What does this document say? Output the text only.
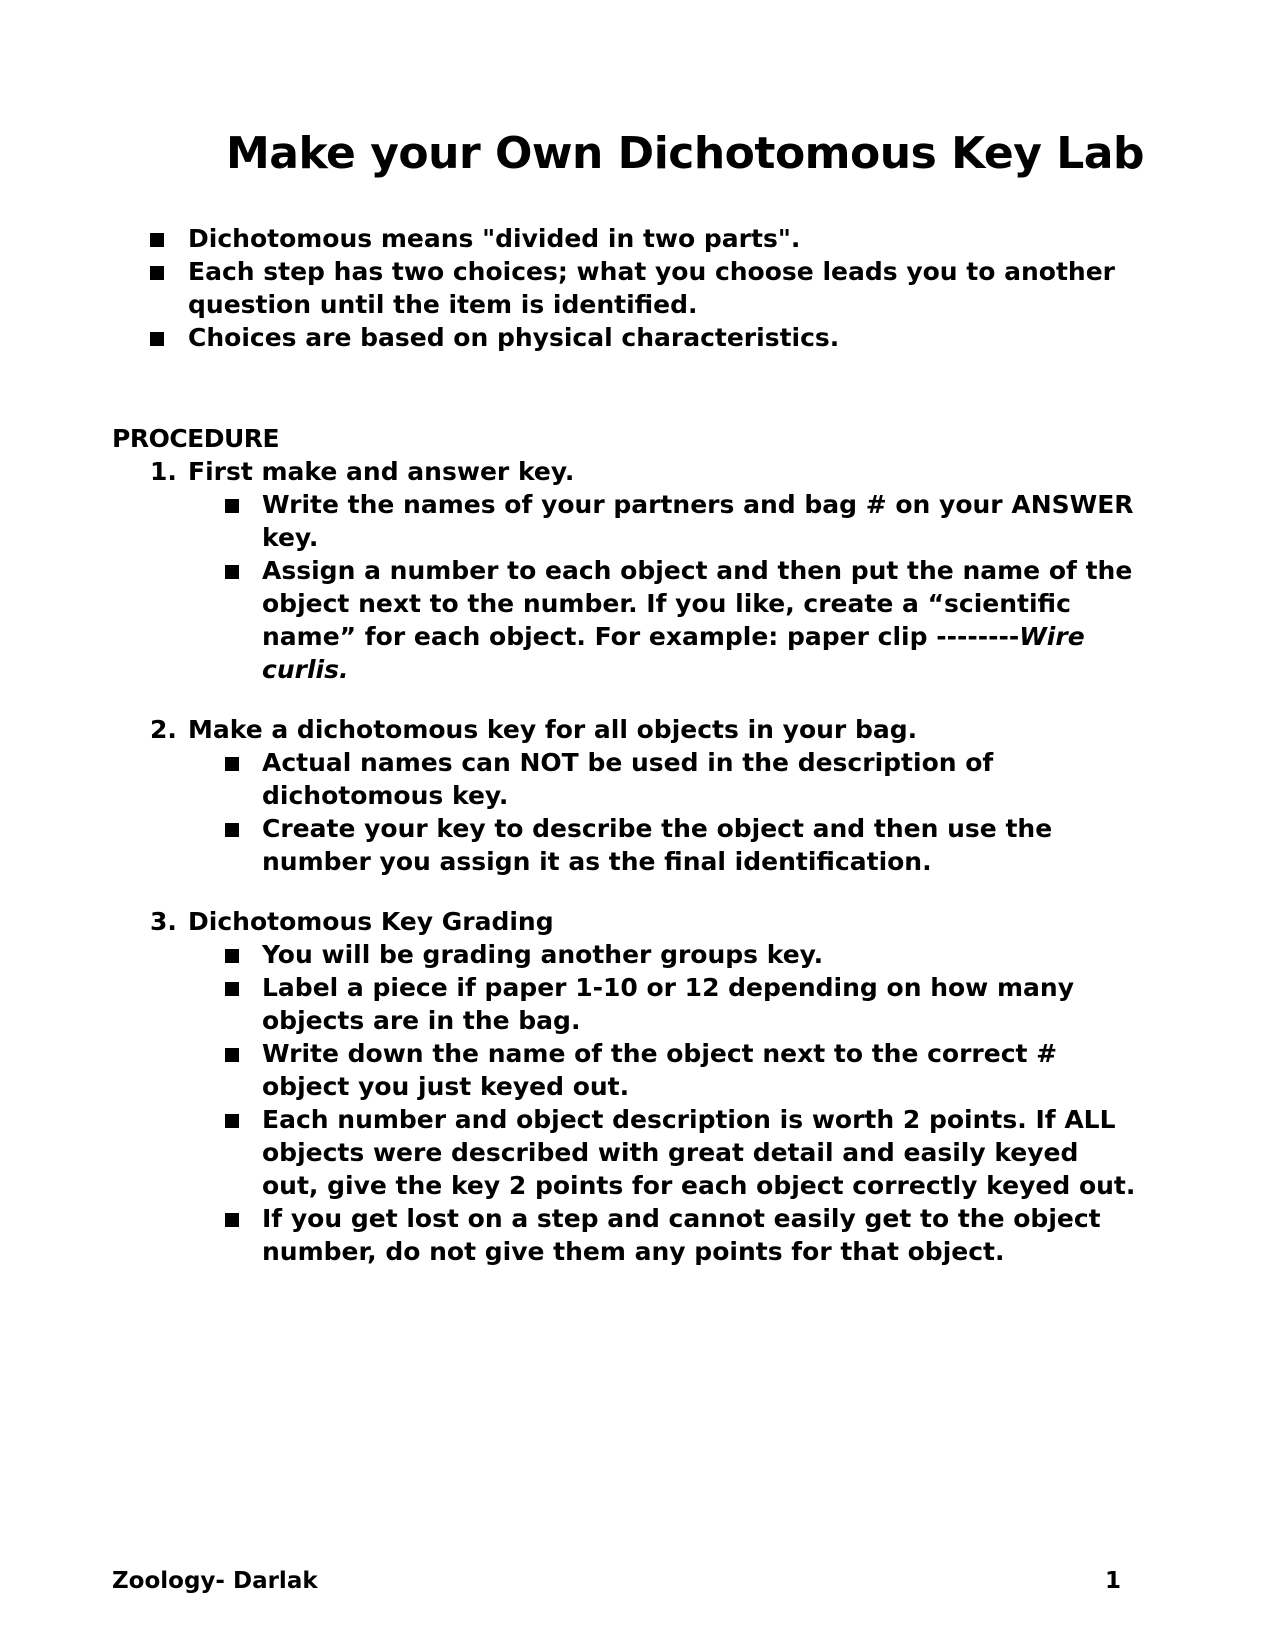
Make your Own Dichotomous Key Lab
Dichotomous means "divided in two parts".
Each step has two choices; what you choose leads you to another question until the item is identified.
Choices are based on physical characteristics.
PROCEDURE
1. First make and answer key.
Write the names of your partners and bag # on your ANSWER key.
Assign a number to each object and then put the name of the object next to the number. If you like, create a “scientific name” for each object. For example: paper clip --------Wire curlis.
2. Make a dichotomous key for all objects in your bag.
Actual names can NOT be used in the description of dichotomous key.
Create your key to describe the object and then use the number you assign it as the final identification.
3. Dichotomous Key Grading
You will be grading another groups key.
Label a piece if paper 1-10 or 12 depending on how many objects are in the bag.
Write down the name of the object next to the correct # object you just keyed out.
Each number and object description is worth 2 points. If ALL objects were described with great detail and easily keyed out, give the key 2 points for each object correctly keyed out.
If you get lost on a step and cannot easily get to the object number, do not give them any points for that object.
Zoology- Darlak	1
